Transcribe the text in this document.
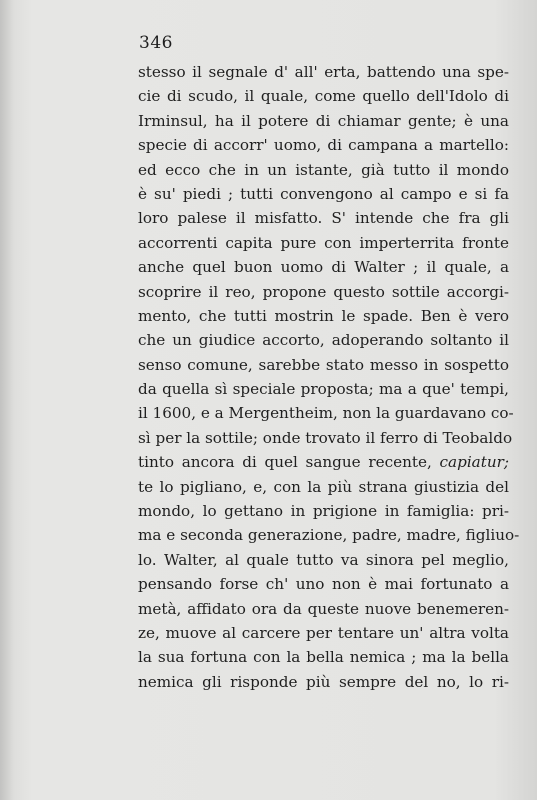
346

stesso il segnale d' all' erta, battendo una spe-
cie di scudo, il quale, come quello dell'Idolo di
Irminsul, ha il potere di chiamar gente; è una
specie di accorr' uomo, di campana a martello:
ed ecco che in un istante, già tutto il mondo
è su' piedi ; tutti convengono al campo e si fa
loro palese il misfatto. S' intende che fra gli
accorrenti capita pure con imperterrita fronte
anche quel buon uomo di Walter ; il quale, a
scoprire il reo, propone questo sottile accorgi-
mento, che tutti mostrin le spade. Ben è vero
che un giudice accorto, adoperando soltanto il
senso comune, sarebbe stato messo in sospetto
da quella sì speciale proposta; ma a que' tempi,
il 1600, e a Mergentheim, non la guardavano co-
sì per la sottile; onde trovato il ferro di Teobaldo
tinto ancora di quel sangue recente, capiatur;
te lo pigliano, e, con la più strana giustizia del
mondo, lo gettano in prigione in famiglia: pri-
ma e seconda generazione, padre, madre, figliuo-
lo. Walter, al quale tutto va sinora pel meglio,
pensando forse ch' uno non è mai fortunato a
metà, affidato ora da queste nuove benemeren-
ze, muove al carcere per tentare un' altra volta
la sua fortuna con la bella nemica ; ma la bella
nemica gli risponde più sempre del no, lo ri-
